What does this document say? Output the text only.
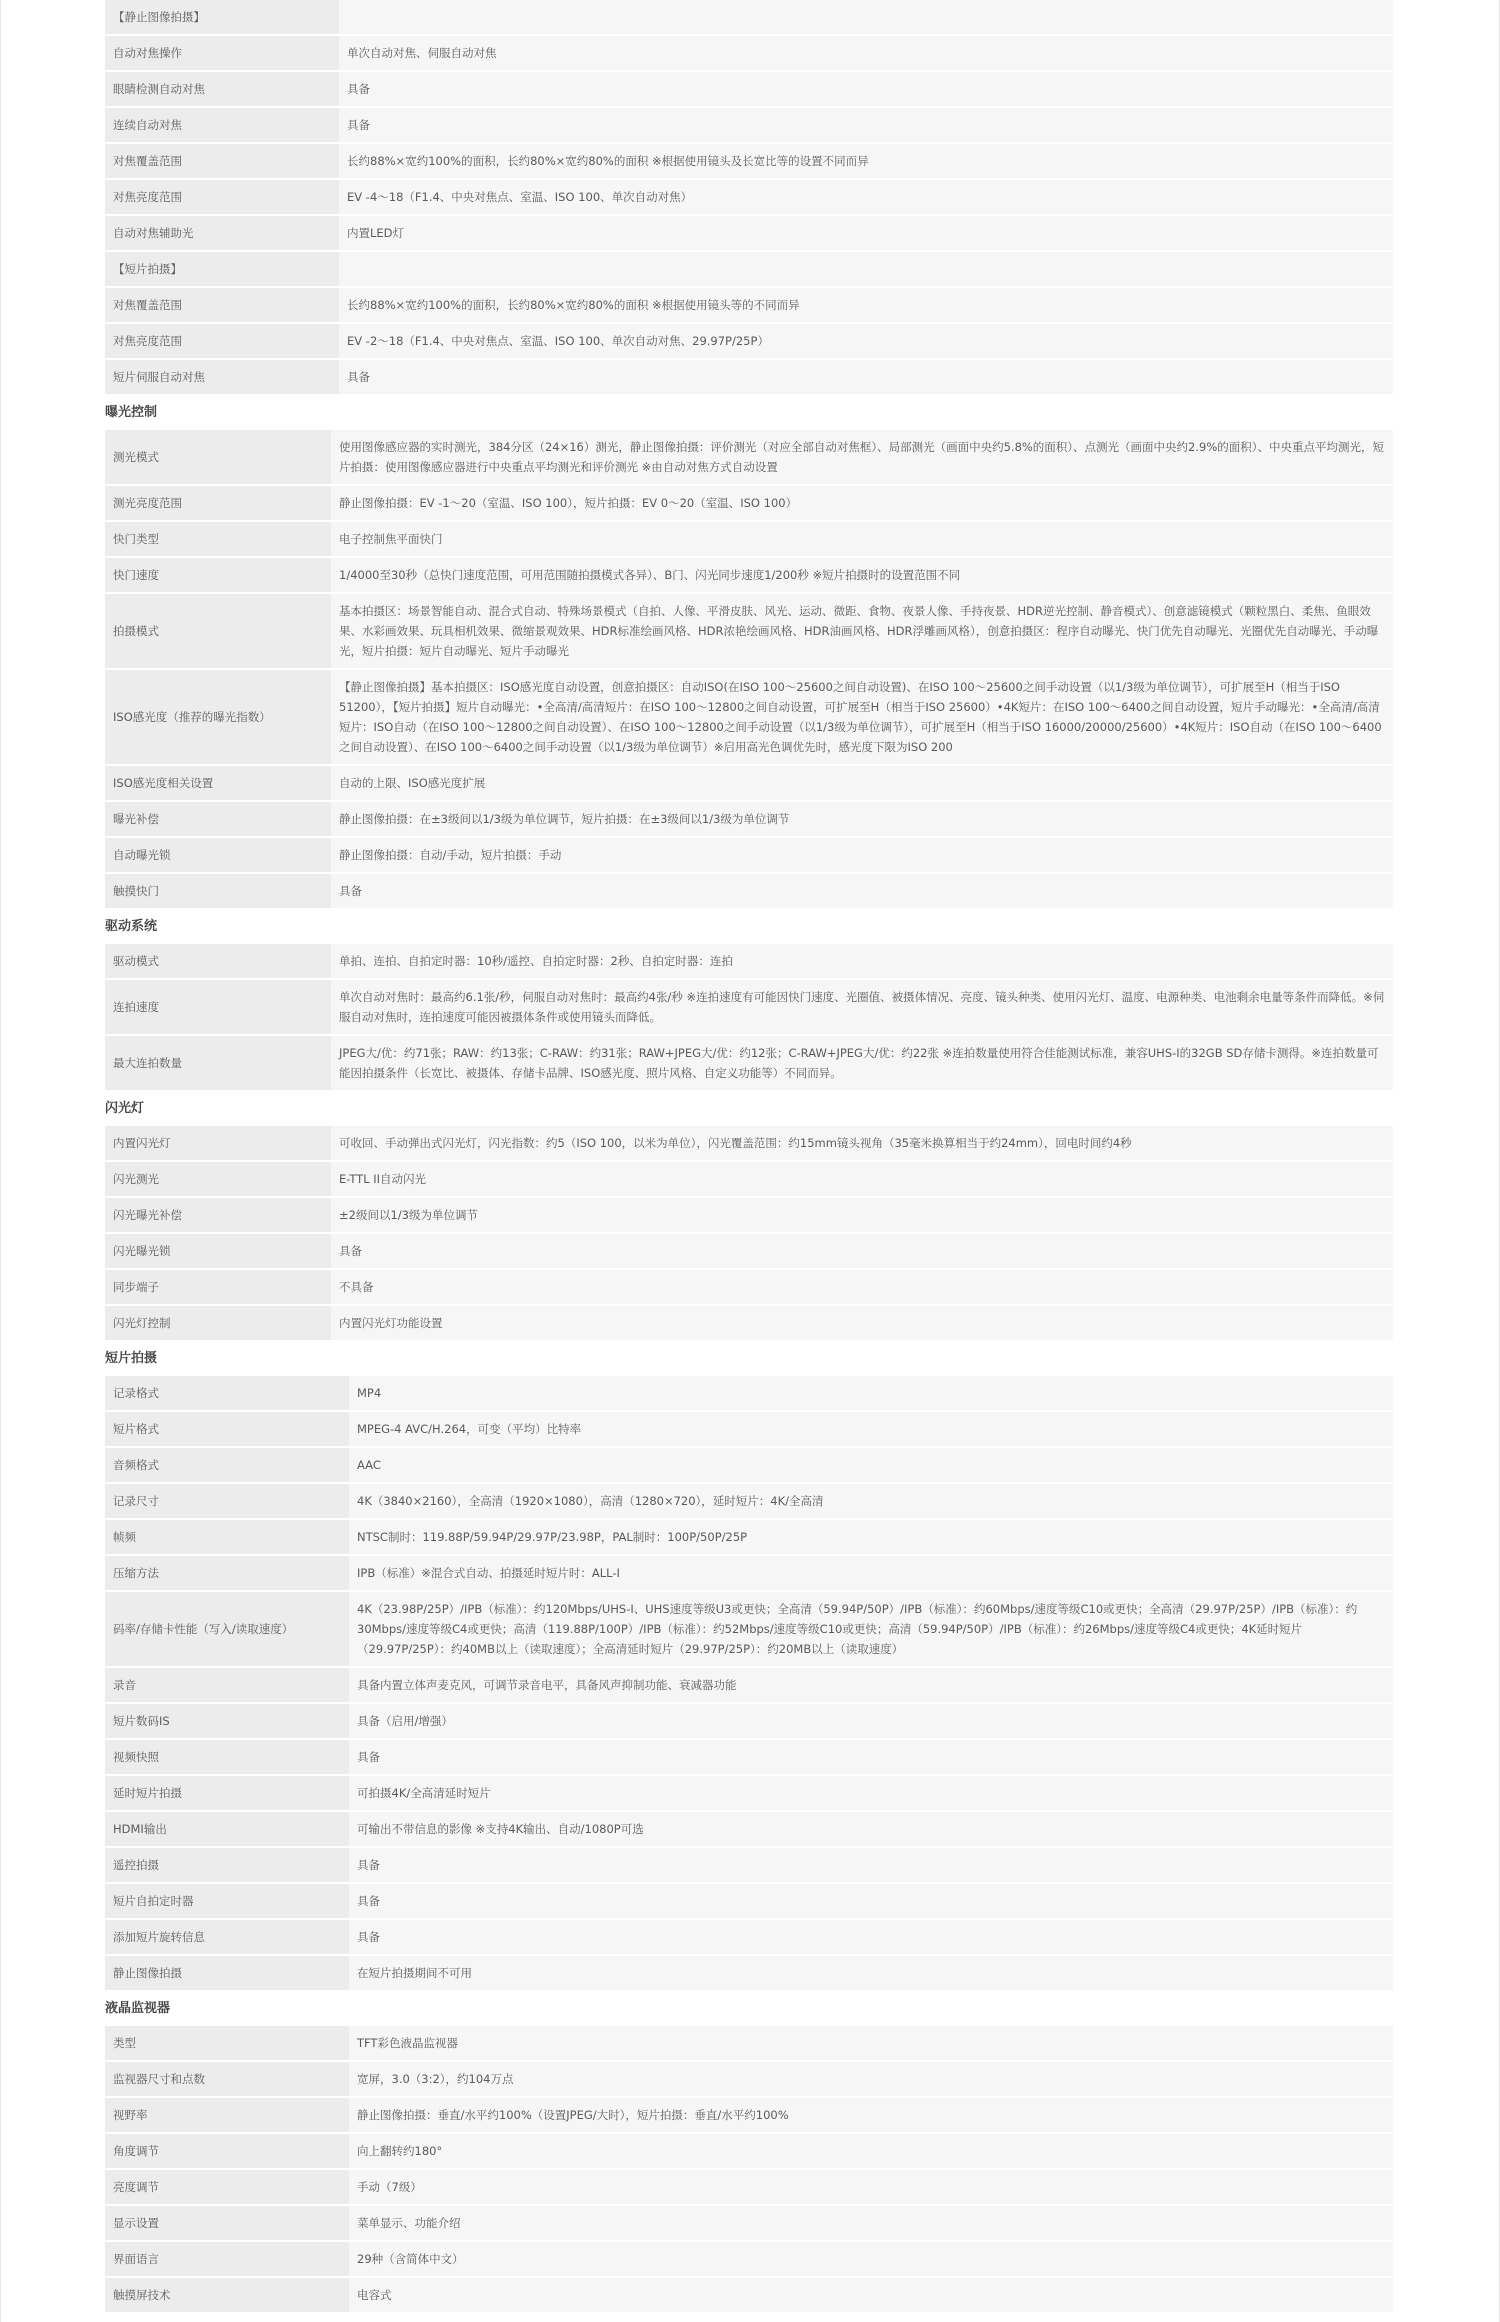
【静止图像拍摄】	
自动对焦操作	单次自动对焦、伺服自动对焦
眼睛检测自动对焦	具备
连续自动对焦	具备
对焦覆盖范围	长约88%×宽约100%的面积，长约80%×宽约80%的面积 ※根据使用镜头及长宽比等的设置不同而异
对焦亮度范围	EV -4～18（F1.4、中央对焦点、室温、ISO 100、单次自动对焦）
自动对焦辅助光	内置LED灯
【短片拍摄】	
对焦覆盖范围	长约88%×宽约100%的面积，长约80%×宽约80%的面积 ※根据使用镜头等的不同而异
对焦亮度范围	EV -2～18（F1.4、中央对焦点、室温、ISO 100、单次自动对焦、29.97P/25P）
短片伺服自动对焦	具备
曝光控制
测光模式	使用图像感应器的实时测光，384分区（24×16）测光，静止图像拍摄：评价测光（对应全部自动对焦框）、局部测光（画面中央约5.8%的面积）、点测光（画面中央约2.9%的面积）、中央重点平均测光，短片拍摄：使用图像感应器进行中央重点平均测光和评价测光 ※由自动对焦方式自动设置
测光亮度范围	静止图像拍摄：EV -1～20（室温、ISO 100），短片拍摄：EV 0～20（室温、ISO 100）
快门类型	电子控制焦平面快门
快门速度	1/4000至30秒（总快门速度范围，可用范围随拍摄模式各异）、B门、闪光同步速度1/200秒 ※短片拍摄时的设置范围不同
拍摄模式	基本拍摄区：场景智能自动、混合式自动、特殊场景模式（自拍、人像、平滑皮肤、风光、运动、微距、食物、夜景人像、手持夜景、HDR逆光控制、静音模式）、创意滤镜模式（颗粒黑白、柔焦、鱼眼效果、水彩画效果、玩具相机效果、微缩景观效果、HDR标准绘画风格、HDR浓艳绘画风格、HDR油画风格、HDR浮雕画风格），创意拍摄区：程序自动曝光、快门优先自动曝光、光圈优先自动曝光、手动曝光，短片拍摄：短片自动曝光、短片手动曝光
ISO感光度（推荐的曝光指数）	【静止图像拍摄】基本拍摄区：ISO感光度自动设置，创意拍摄区：自动ISO(在ISO 100～25600之间自动设置)、在ISO 100～25600之间手动设置（以1/3级为单位调节），可扩展至H（相当于ISO 51200），【短片拍摄】短片自动曝光：•全高清/高清短片：在ISO 100～12800之间自动设置，可扩展至H（相当于ISO 25600）•4K短片：在ISO 100～6400之间自动设置，短片手动曝光：•全高清/高清短片：ISO自动（在ISO 100～12800之间自动设置）、在ISO 100～12800之间手动设置（以1/3级为单位调节），可扩展至H（相当于ISO 16000/20000/25600）•4K短片：ISO自动（在ISO 100～6400之间自动设置）、在ISO 100～6400之间手动设置（以1/3级为单位调节）※启用高光色调优先时，感光度下限为ISO 200
ISO感光度相关设置	自动的上限、ISO感光度扩展
曝光补偿	静止图像拍摄：在±3级间以1/3级为单位调节，短片拍摄：在±3级间以1/3级为单位调节
自动曝光锁	静止图像拍摄：自动/手动，短片拍摄：手动
触摸快门	具备
驱动系统
驱动模式	单拍、连拍、自拍定时器：10秒/遥控、自拍定时器：2秒、自拍定时器：连拍
连拍速度	单次自动对焦时：最高约6.1张/秒，伺服自动对焦时：最高约4张/秒 ※连拍速度有可能因快门速度、光圈值、被摄体情况、亮度、镜头种类、使用闪光灯、温度、电源种类、电池剩余电量等条件而降低。※伺服自动对焦时，连拍速度可能因被摄体条件或使用镜头而降低。
最大连拍数量	JPEG大/优：约71张；RAW：约13张；C-RAW：约31张；RAW+JPEG大/优：约12张；C-RAW+JPEG大/优：约22张 ※连拍数量使用符合佳能测试标准，兼容UHS-I的32GB SD存储卡测得。※连拍数量可能因拍摄条件（长宽比、被摄体、存储卡品牌、ISO感光度、照片风格、自定义功能等）不同而异。
闪光灯
内置闪光灯	可收回、手动弹出式闪光灯，闪光指数：约5（ISO 100，以米为单位），闪光覆盖范围：约15mm镜头视角（35毫米换算相当于约24mm），回电时间约4秒
闪光测光	E-TTL II自动闪光
闪光曝光补偿	±2级间以1/3级为单位调节
闪光曝光锁	具备
同步端子	不具备
闪光灯控制	内置闪光灯功能设置
短片拍摄
记录格式	MP4
短片格式	MPEG-4 AVC/H.264，可变（平均）比特率
音频格式	AAC
记录尺寸	4K（3840×2160），全高清（1920×1080），高清（1280×720），延时短片：4K/全高清
帧频	NTSC制时：119.88P/59.94P/29.97P/23.98P，PAL制时：100P/50P/25P
压缩方法	IPB（标准）※混合式自动、拍摄延时短片时：ALL-I
码率/存储卡性能（写入/读取速度）	4K（23.98P/25P）/IPB（标准）：约120Mbps/UHS-I、UHS速度等级U3或更快；全高清（59.94P/50P）/IPB（标准）：约60Mbps/速度等级C10或更快；全高清（29.97P/25P）/IPB（标准）：约30Mbps/速度等级C4或更快；高清（119.88P/100P）/IPB（标准）：约52Mbps/速度等级C10或更快；高清（59.94P/50P）/IPB（标准）：约26Mbps/速度等级C4或更快；4K延时短片（29.97P/25P）：约40MB以上（读取速度）；全高清延时短片（29.97P/25P）：约20MB以上（读取速度）
录音	具备内置立体声麦克风，可调节录音电平，具备风声抑制功能、衰减器功能
短片数码IS	具备（启用/增强）
视频快照	具备
延时短片拍摄	可拍摄4K/全高清延时短片
HDMI输出	可输出不带信息的影像 ※支持4K输出、自动/1080P可选
遥控拍摄	具备
短片自拍定时器	具备
添加短片旋转信息	具备
静止图像拍摄	在短片拍摄期间不可用
液晶监视器
类型	TFT彩色液晶监视器
监视器尺寸和点数	宽屏，3.0（3:2），约104万点
视野率	静止图像拍摄：垂直/水平约100%（设置JPEG/大时），短片拍摄：垂直/水平约100%
角度调节	向上翻转约180°
亮度调节	手动（7级）
显示设置	菜单显示、功能介绍
界面语言	29种（含简体中文）
触摸屏技术	电容式
